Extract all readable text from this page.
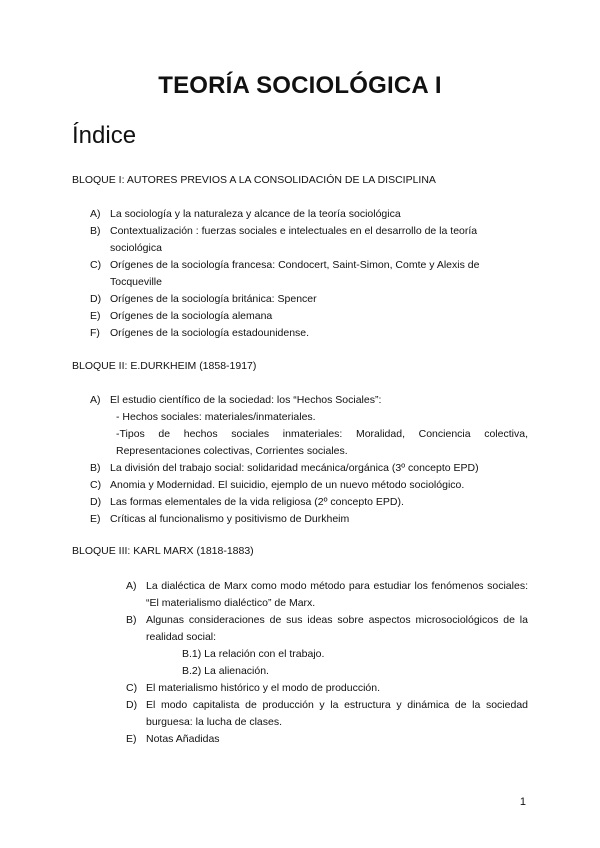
TEORÍA SOCIOLÓGICA I
Índice

BLOQUE I: AUTORES PREVIOS A LA CONSOLIDACIÓN DE LA DISCIPLINA

A) La sociología y la naturaleza y alcance de la teoría sociológica
B) Contextualización : fuerzas sociales e intelectuales en el desarrollo de la teoría sociológica
C) Orígenes de la sociología francesa: Condocert, Saint-Simon, Comte y Alexis de Tocqueville
D) Orígenes de la sociología británica: Spencer
E) Orígenes de la sociología alemana
F) Orígenes de la sociología estadounidense.

BLOQUE II: E.DURKHEIM (1858-1917)

A) El estudio científico de la sociedad: los “Hechos Sociales”:
- Hechos sociales: materiales/inmateriales.
-Tipos de hechos sociales inmateriales: Moralidad, Conciencia colectiva, Representaciones colectivas, Corrientes sociales.
B) La división del trabajo social: solidaridad mecánica/orgánica (3º concepto EPD)
C) Anomia y Modernidad. El suicidio, ejemplo de un nuevo método sociológico.
D) Las formas elementales de la vida religiosa (2º concepto EPD).
E) Críticas al funcionalismo y positivismo de Durkheim

BLOQUE III: KARL MARX (1818-1883)

A) La dialéctica de Marx como modo método para estudiar los fenómenos sociales: “El materialismo dialéctico” de Marx.
B) Algunas consideraciones de sus ideas sobre aspectos microsociológicos de la realidad social:
B.1) La relación con el trabajo.
B.2) La alienación.
C) El materialismo histórico y el modo de producción.
D) El modo capitalista de producción y la estructura y dinámica de la sociedad burguesa: la lucha de clases.
E) Notas Añadidas
1
